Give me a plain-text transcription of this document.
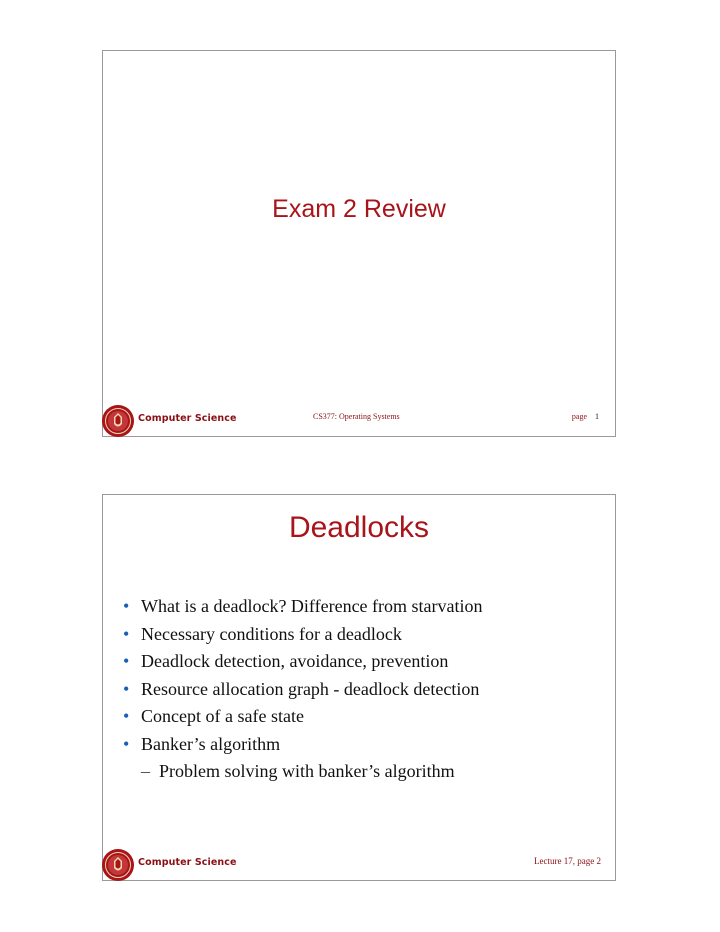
Exam 2 Review
Computer Science	CS377: Operating Systems	page 1
Deadlocks
• What is a deadlock? Difference from starvation
• Necessary conditions for a deadlock
• Deadlock detection, avoidance, prevention
• Resource allocation graph - deadlock detection
• Concept of a safe state
• Banker’s algorithm
– Problem solving with banker’s algorithm
Computer Science	Lecture 17, page 2
